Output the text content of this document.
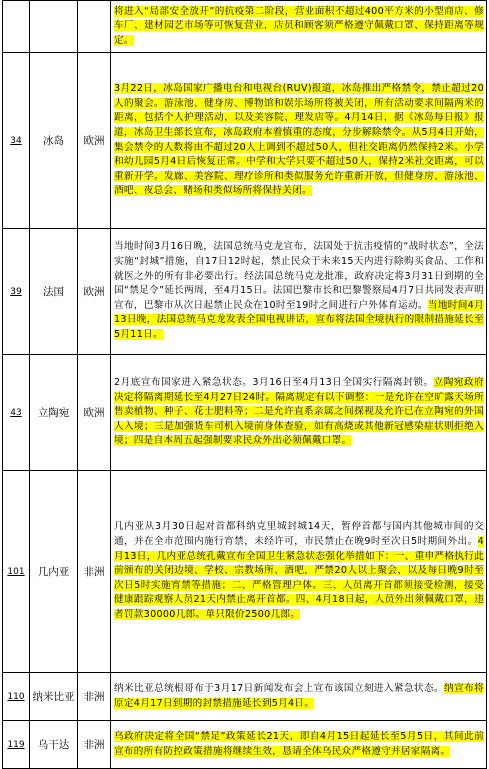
			将进入“局部安全放开”的抗疫第二阶段，营业面积不超过400平方米的小型商店、修车厂、建材园艺市场等可恢复营业，店员和顾客须严格遵守佩戴口罩、保持距离等规定。
34	冰岛	欧洲	3月22日，冰岛国家广播电台和电视台(RUV)报道，冰岛推出严格禁令，禁止超过20人的聚会。游泳池、健身房、博物馆和娱乐场所将被关闭，所有活动要求间隔两米的距离，包括个人护理活动，以及美容院、理发店等。4月14日，据《冰岛每日报》报道，冰岛卫生部长宣布，冰岛政府本着慎重的态度，分步解除禁令。从5月4日开始，集会禁令的人数将由不超过20人上调到不超过50人，但社交距离仍然保持2米。小学和幼儿园5月4日后恢复正常。中学和大学只要不超过50人，保持2米社交距离，可以重新开学。发廊、美容院、理疗诊所和类似服务允许重新开放，但健身房、游泳池、酒吧、夜总会、赌场和类似场所将保持关闭。
39	法国	欧洲	当地时间3月16日晚，法国总统马克龙宣布，法国处于抗击疫情的“战时状态”，全法实施“封城”措施，自17日12时起，禁止民众于未来15天内进行除购买食品、工作和就医之外的所有非必要出行。经法国总统马克龙批准，政府决定将3月31日到期的全国“禁足令”延长两周，至4月15日。法国巴黎市长和巴黎警察局4月7日共同发表声明宣布，巴黎市从次日起禁止民众在10时至19时之间进行户外体育运动。当地时间4月13日晚，法国总统马克龙发表全国电视讲话，宣布将法国全境执行的限制措施延长至5月11日。
43	立陶宛	欧洲	2月底宣布国家进入紧急状态。3月16日至4月13日全国实行隔离封锁。立陶宛政府决定将隔离期延长至4月27日24时。隔离规定有以下调整：一是允许在空旷露天场所售卖植物、种子、花士肥料等；二是允许直系亲属之间探视及允许已在立陶宛的外国人入境；三是加强货车司机入境前身体查验，如有高烧或其他新冠感染症状则拒绝入境；四是自本周五起强制要求民众外出必须佩戴口罩。
101	几内亚	非洲	几内亚从3月30日起对首都科纳克里城封城14天，暂停首都与国内其他城市间的交通，并在全市范围内施行宵禁，未经许可，市民禁止在晚9时至次日5时期间外出。4月13日，几内亚总统孔戴宣布全国卫生紧急状态强化举措如下：一、重申严格执行此前颁布的关闭边境、学校、宗教场所、酒吧，严禁20人以上聚会，以及每日晚9时至次日5时实施宵禁等措施；二、严格管理户体。三、人员离开首都须接受检测，接受健康跟踪观察人员21天内禁止离开首都。四、4月18日起，人员外出须佩戴口罩，违者罚款30000几郎。单只限价2500几郎。
110	纳米比亚	非洲	纳米比亚总统根哥布于3月17日新闻发布会上宣布该国立刻进入紧急状态。纳宣布将原定4月17日到期的封禁措施延长到5月4日。
119	乌干达	非洲	乌政府决定将全国“禁足”政策延长21天，即自4月15日起延长至5月5日，其间此前宣布的所有防控政策措施将继续生效，恳请全体乌民众严格遵守并居家隔离。
